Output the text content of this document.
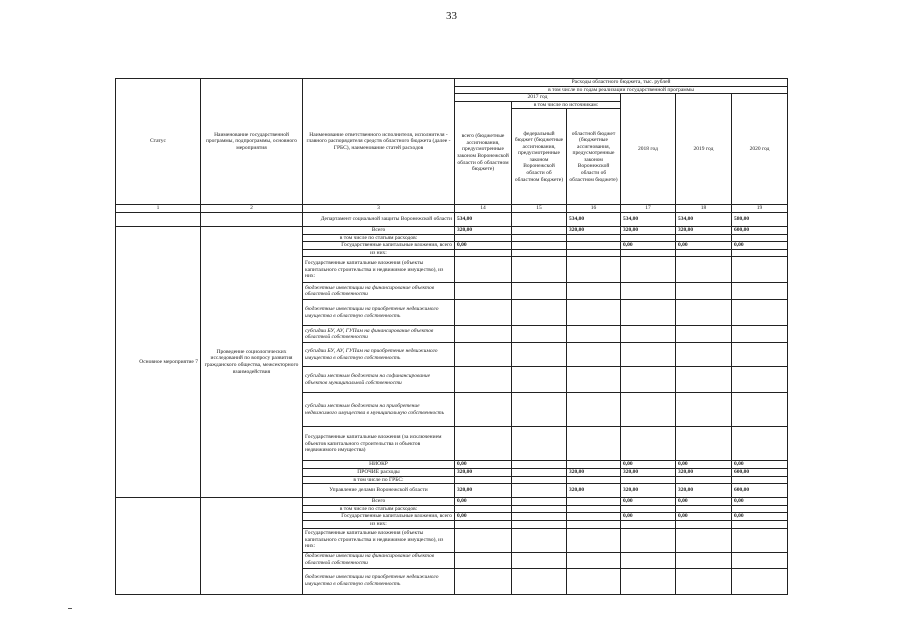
33
Статус	Наименование государственной программы, подпрограммы, основного мероприятия	Наименование ответственного исполнителя, исполнителя - главного распорядителя средств областного бюджета (далее - ГРБС), наименование статей расходов	Расходы областного бюджета, тыс. рублей					
			в том числе по годам реализации государственной программы					
			2017 год			2018 год	2019 год	2020 год
			всего (бюджетные ассигнования, предусмотренные законом Воронежской области об областном бюджете)	в том числе по источникам:				
				федеральный бюджет (бюджетные ассигнования, предусмотренные законом Воронежской области об областном бюджете)	областной бюджет (бюджетные ассигнования, предусмотренные законом Воронежской области об областном бюджете)			
1	2	3	14	15	16	17	18	19
		Департамент социальной защиты Воронежской области	534,00		534,00	534,00	534,00	580,00
Основное мероприятие 7	Проведение социологических исследований по вопросу развития гражданского общества, межсекторного взаимодействия	Всего	320,00		320,00	320,00	320,00	600,00
		в том числе по статьям расходов:						
		Государственные капитальные вложения, всего	0,00			0,00	0,00	0,00
		из них:						
		Государственные капитальные вложения (объекты капитального строительства и недвижимое имущество), из них:						
		бюджетные инвестиции на финансирование объектов областной собственности						
		бюджетные инвестиции на приобретение недвижимого имущества в областную собственность						
		субсидии БУ, АУ, ГУПам на финансирование объектов областной собственности						
		субсидии БУ, АУ, ГУПам на приобретение недвижимого имущества в областную собственность						
		субсидии местным бюджетам на софинансирование объектов муниципальной собственности						
		субсидии местным бюджетам на приобретение недвижимого имущества в муниципальную собственность						
		Государственные капитальные вложения (за исключением объектов капитального строительства и объектов недвижимого имущества)						
		НИОКР	0,00			0,00	0,00	0,00
		ПРОЧИЕ расходы	320,00		320,00	320,00	320,00	600,00
		в том числе по ГРБС:						
		Управление делами Воронежской области	320,00		320,00	320,00	320,00	600,00
		Всего	0,00			0,00	0,00	0,00
		в том числе по статьям расходов:						
		Государственные капитальные вложения, всего	0,00			0,00	0,00	0,00
		из них:						
		Государственные капитальные вложения (объекты капитального строительства и недвижимое имущество), из них:						
		бюджетные инвестиции на финансирование объектов областной собственности						
		бюджетные инвестиции на приобретение недвижимого имущества в областную собственность						
